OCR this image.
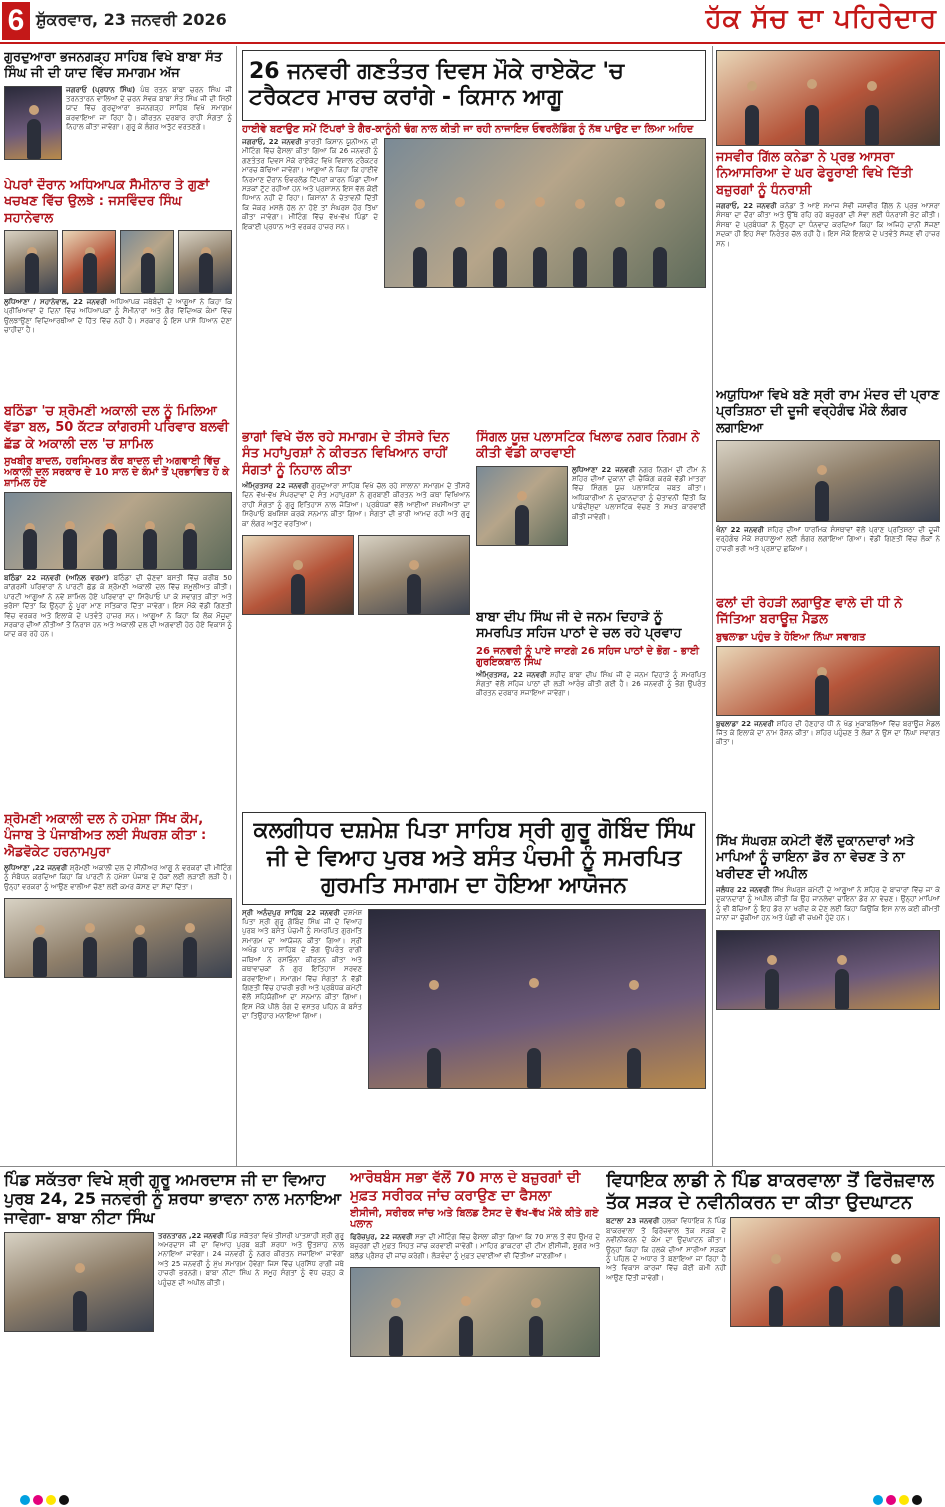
6 ਸ਼ੁੱਕਰਵਾਰ, 23 ਜਨਵਰੀ 2026	ਹੱਕ ਸੱਚ ਦਾ ਪਹਿਰੇਦਾਰ
ਗੁਰਦੁਆਰਾ ਭਜਨਗੜ੍ਹ ਸਾਹਿਬ ਵਿਖੇ ਬਾਬਾ ਸੰਤ ਸਿੰਘ ਜੀ ਦੀ ਯਾਦ ਵਿੱਚ ਸਮਾਗਮ ਅੱਜ

ਜਗਰਾਓਂ (ਪ੍ਰਧਾਨ ਸਿੰਘ) ਪੰਥ ਰਤਨ ਬਾਬਾ ਚਰਨ ਸਿੰਘ ਜੀ ਤਰਨਤਾਰਨ ਵਾਲਿਆਂ ਦੇ ਚਰਨ ਸੇਵਕ ਬਾਬਾ ਸੰਤ ਸਿੰਘ ਜੀ ਦੀ ਮਿੱਠੀ ਯਾਦ ਵਿੱਚ ਗੁਰਦੁਆਰਾ ਭਜਨਗੜ੍ਹ ਸਾਹਿਬ ਵਿਖੇ ਸਮਾਗਮ ਕਰਵਾਇਆ ਜਾ ਰਿਹਾ ਹੈ। ਕੀਰਤਨ ਦਰਬਾਰ ਰਾਹੀਂ ਸੰਗਤਾਂ ਨੂੰ ਨਿਹਾਲ ਕੀਤਾ ਜਾਵੇਗਾ। ਗੁਰੂ ਕੇ ਲੰਗਰ ਅਤੁੱਟ ਵਰਤਣਗੇ।

ਪੇਪਰਾਂ ਦੌਰਾਨ ਅਧਿਆਪਕ ਸੈਮੀਨਾਰ ਤੇ ਗੁਣਾਂ ਖਚਖਣ ਵਿੱਚ ਉਲਝੇ : ਜਸਵਿੰਦਰ ਸਿੰਘ ਸਹਾਨੇਵਾਲ

ਲੁਧਿਆਣਾ / ਸਹਾਨੇਵਾਲ, 22 ਜਨਵਰੀ ਅਧਿਆਪਕ ਜਥੇਬੰਦੀ ਦੇ ਆਗੂਆਂ ਨੇ ਕਿਹਾ ਕਿ ਪ੍ਰੀਖਿਆਵਾਂ ਦੇ ਦਿਨਾਂ ਵਿੱਚ ਅਧਿਆਪਕਾਂ ਨੂੰ ਸੈਮੀਨਾਰਾਂ ਅਤੇ ਗੈਰ ਵਿੱਦਿਅਕ ਕੰਮਾਂ ਵਿੱਚ ਉਲਝਾਉਣਾ ਵਿਦਿਆਰਥੀਆਂ ਦੇ ਹਿੱਤ ਵਿੱਚ ਨਹੀਂ ਹੈ। ਸਰਕਾਰ ਨੂੰ ਇਸ ਪਾਸੇ ਧਿਆਨ ਦੇਣਾ ਚਾਹੀਦਾ ਹੈ।

ਬਠਿੰਡਾ 'ਚ ਸ਼੍ਰੋਮਣੀ ਅਕਾਲੀ ਦਲ ਨੂੰ ਮਿਲਿਆ ਵੱਡਾ ਬਲ, 50 ਕੱਟੜ ਕਾਂਗਰਸੀ ਪਰਿਵਾਰ ਬਲਵੀ ਛੱਡ ਕੇ ਅਕਾਲੀ ਦਲ 'ਚ ਸ਼ਾਮਿਲ
ਸੁਖਬੀਰ ਬਾਦਲ, ਹਰਸਿਮਰਤ ਕੌਰ ਬਾਦਲ ਦੀ ਅਗਵਾਈ ਵਿੱਚ ਅਕਾਲੀ ਦਲ ਸਰਕਾਰ ਦੇ 10 ਸਾਲ ਦੇ ਕੰਮਾਂ ਤੋਂ ਪ੍ਰਭਾਵਿਤ ਹੋ ਕੇ ਸ਼ਾਮਿਲ ਹੋਏ

ਬਠਿੰਡਾ 22 ਜਨਵਰੀ (ਅਨਿਲ ਵਰਮਾ) ਬਠਿੰਡਾ ਦੀ ਚੋਣਵਾਂ ਬਸਤੀ ਵਿੱਚ ਕਰੀਬ 50 ਕਾਂਗਰਸੀ ਪਰਿਵਾਰਾਂ ਨੇ ਪਾਰਟੀ ਛੱਡ ਕੇ ਸ਼੍ਰੋਮਣੀ ਅਕਾਲੀ ਦਲ ਵਿੱਚ ਸ਼ਮੂਲੀਅਤ ਕੀਤੀ। ਪਾਰਟੀ ਆਗੂਆਂ ਨੇ ਨਵੇਂ ਸ਼ਾਮਿਲ ਹੋਏ ਪਰਿਵਾਰਾਂ ਦਾ ਸਿਰੋਪਾਓ ਪਾ ਕੇ ਸਵਾਗਤ ਕੀਤਾ ਅਤੇ ਭਰੋਸਾ ਦਿੱਤਾ ਕਿ ਉਨ੍ਹਾਂ ਨੂੰ ਪੂਰਾ ਮਾਣ ਸਤਿਕਾਰ ਦਿੱਤਾ ਜਾਵੇਗਾ। ਇਸ ਮੌਕੇ ਵੱਡੀ ਗਿਣਤੀ ਵਿੱਚ ਵਰਕਰ ਅਤੇ ਇਲਾਕੇ ਦੇ ਪਤਵੰਤੇ ਹਾਜ਼ਰ ਸਨ। ਆਗੂਆਂ ਨੇ ਕਿਹਾ ਕਿ ਲੋਕ ਮੌਜੂਦਾ ਸਰਕਾਰ ਦੀਆਂ ਨੀਤੀਆਂ ਤੋਂ ਨਿਰਾਸ਼ ਹਨ ਅਤੇ ਅਕਾਲੀ ਦਲ ਦੀ ਅਗਵਾਈ ਹੇਠ ਹੋਏ ਵਿਕਾਸ ਨੂੰ ਯਾਦ ਕਰ ਰਹੇ ਹਨ।

ਸ਼੍ਰੋਮਣੀ ਅਕਾਲੀ ਦਲ ਨੇ ਹਮੇਸ਼ਾ ਸਿੱਖ ਕੌਮ, ਪੰਜਾਬ ਤੇ ਪੰਜਾਬੀਅਤ ਲਈ ਸੰਘਰਸ਼ ਕੀਤਾ : ਐਡਵੋਕੇਟ ਹਰਨਾਮਪੁਰਾ

ਲੁਧਿਆਣਾ ,22 ਜਨਵਰੀ ਸ਼੍ਰੋਮਣੀ ਅਕਾਲੀ ਦਲ ਦੇ ਸੀਨੀਅਰ ਆਗੂ ਨੇ ਵਰਕਰਾਂ ਦੀ ਮੀਟਿੰਗ ਨੂੰ ਸੰਬੋਧਨ ਕਰਦਿਆਂ ਕਿਹਾ ਕਿ ਪਾਰਟੀ ਨੇ ਹਮੇਸ਼ਾ ਪੰਜਾਬ ਦੇ ਹੱਕਾਂ ਲਈ ਲੜਾਈ ਲੜੀ ਹੈ। ਉਨ੍ਹਾਂ ਵਰਕਰਾਂ ਨੂੰ ਆਉਣ ਵਾਲੀਆਂ ਚੋਣਾਂ ਲਈ ਕਮਰ ਕੱਸਣ ਦਾ ਸੱਦਾ ਦਿੱਤਾ।

26 ਜਨਵਰੀ ਗਣਤੰਤਰ ਦਿਵਸ ਮੌਕੇ ਰਾਏਕੋਟ 'ਚ ਟਰੈਕਟਰ ਮਾਰਚ ਕਰਾਂਗੇ - ਕਿਸਾਨ ਆਗੂ
ਹਾਈਵੇ ਬਣਾਉਣ ਸਮੇਂ ਟਿੱਪਰਾਂ ਤੇ ਗੈਰ-ਕਾਨੂੰਨੀ ਢੰਗ ਨਾਲ ਕੀਤੀ ਜਾ ਰਹੀ ਨਾਜਾਇਜ਼ ਓਵਰਲੋਡਿੰਗ ਨੂੰ ਨੱਥ ਪਾਉਣ ਦਾ ਲਿਆ ਅਹਿਦ

ਜਗਰਾਓਂ, 22 ਜਨਵਰੀ ਭਾਰਤੀ ਕਿਸਾਨ ਯੂਨੀਅਨ ਦੀ ਮੀਟਿੰਗ ਵਿੱਚ ਫੈਸਲਾ ਕੀਤਾ ਗਿਆ ਕਿ 26 ਜਨਵਰੀ ਨੂੰ ਗਣਤੰਤਰ ਦਿਵਸ ਮੌਕੇ ਰਾਏਕੋਟ ਵਿਖੇ ਵਿਸ਼ਾਲ ਟਰੈਕਟਰ ਮਾਰਚ ਕੱਢਿਆ ਜਾਵੇਗਾ। ਆਗੂਆਂ ਨੇ ਕਿਹਾ ਕਿ ਹਾਈਵੇ ਨਿਰਮਾਣ ਦੌਰਾਨ ਓਵਰਲੋਡ ਟਿੱਪਰਾਂ ਕਾਰਨ ਪਿੰਡਾਂ ਦੀਆਂ ਸੜਕਾਂ ਟੁੱਟ ਰਹੀਆਂ ਹਨ ਅਤੇ ਪ੍ਰਸ਼ਾਸਨ ਇਸ ਵੱਲ ਕੋਈ ਧਿਆਨ ਨਹੀਂ ਦੇ ਰਿਹਾ। ਕਿਸਾਨਾਂ ਨੇ ਚੇਤਾਵਨੀ ਦਿੱਤੀ ਕਿ ਜੇਕਰ ਮਸਲੇ ਹੱਲ ਨਾ ਹੋਏ ਤਾਂ ਸੰਘਰਸ਼ ਹੋਰ ਤਿੱਖਾ ਕੀਤਾ ਜਾਵੇਗਾ। ਮੀਟਿੰਗ ਵਿੱਚ ਵੱਖ-ਵੱਖ ਪਿੰਡਾਂ ਦੇ ਇਕਾਈ ਪ੍ਰਧਾਨ ਅਤੇ ਵਰਕਰ ਹਾਜ਼ਰ ਸਨ।

ਭਾਗਾਂ ਵਿਖੇ ਚੱਲ ਰਹੇ ਸਮਾਗਮ ਦੇ ਤੀਸਰੇ ਦਿਨ ਸੰਤ ਮਹਾਂਪੁਰਸ਼ਾਂ ਨੇ ਕੀਰਤਨ ਵਿਖਿਆਨ ਰਾਹੀਂ ਸੰਗਤਾਂ ਨੂੰ ਨਿਹਾਲ ਕੀਤਾ

ਅੰਮ੍ਰਿਤਸਰ 22 ਜਨਵਰੀ ਗੁਰਦੁਆਰਾ ਸਾਹਿਬ ਵਿਖੇ ਚੱਲ ਰਹੇ ਸਾਲਾਨਾ ਸਮਾਗਮ ਦੇ ਤੀਸਰੇ ਦਿਨ ਵੱਖ-ਵੱਖ ਸੰਪਰਦਾਵਾਂ ਦੇ ਸੰਤ ਮਹਾਂਪੁਰਸ਼ਾਂ ਨੇ ਗੁਰਬਾਣੀ ਕੀਰਤਨ ਅਤੇ ਕਥਾ ਵਿਖਿਆਨ ਰਾਹੀਂ ਸੰਗਤਾਂ ਨੂੰ ਗੁਰੂ ਇਤਿਹਾਸ ਨਾਲ ਜੋੜਿਆ। ਪ੍ਰਬੰਧਕਾਂ ਵੱਲੋਂ ਆਈਆਂ ਸ਼ਖਸੀਅਤਾਂ ਦਾ ਸਿਰੋਪਾਓ ਬਖਸ਼ਿਸ਼ ਕਰਕੇ ਸਨਮਾਨ ਕੀਤਾ ਗਿਆ। ਸੰਗਤਾਂ ਦੀ ਭਾਰੀ ਆਮਦ ਰਹੀ ਅਤੇ ਗੁਰੂ ਕਾ ਲੰਗਰ ਅਤੁੱਟ ਵਰਤਿਆ।

ਸਿੰਗਲ ਯੂਜ਼ ਪਲਾਸਟਿਕ ਖਿਲਾਫ ਨਗਰ ਨਿਗਮ ਨੇ ਕੀਤੀ ਵੱਡੀ ਕਾਰਵਾਈ

ਲੁਧਿਆਣਾ 22 ਜਨਵਰੀ ਨਗਰ ਨਿਗਮ ਦੀ ਟੀਮ ਨੇ ਸ਼ਹਿਰ ਦੀਆਂ ਦੁਕਾਨਾਂ ਦੀ ਚੈਕਿੰਗ ਕਰਕੇ ਵੱਡੀ ਮਾਤਰਾ ਵਿੱਚ ਸਿੰਗਲ ਯੂਜ਼ ਪਲਾਸਟਿਕ ਜ਼ਬਤ ਕੀਤਾ। ਅਧਿਕਾਰੀਆਂ ਨੇ ਦੁਕਾਨਦਾਰਾਂ ਨੂੰ ਚੇਤਾਵਨੀ ਦਿੱਤੀ ਕਿ ਪਾਬੰਦੀਸ਼ੁਦਾ ਪਲਾਸਟਿਕ ਵੇਚਣ ਤੇ ਸਖ਼ਤ ਕਾਰਵਾਈ ਕੀਤੀ ਜਾਵੇਗੀ।

ਬਾਬਾ ਦੀਪ ਸਿੰਘ ਜੀ ਦੇ ਜਨਮ ਦਿਹਾੜੇ ਨੂੰ ਸਮਰਪਿਤ ਸਹਿਜ ਪਾਠਾਂ ਦੇ ਚਲ ਰਹੇ ਪ੍ਰਵਾਹ
26 ਜਨਵਰੀ ਨੂੰ ਪਾਏ ਜਾਣਗੇ 26 ਸਹਿਜ ਪਾਠਾਂ ਦੇ ਭੋਗ - ਭਾਈ ਗੁਰਇਕਬਾਲ ਸਿੰਘ

ਅੰਮ੍ਰਿਤਸਰ, 22 ਜਨਵਰੀ ਸ਼ਹੀਦ ਬਾਬਾ ਦੀਪ ਸਿੰਘ ਜੀ ਦੇ ਜਨਮ ਦਿਹਾੜੇ ਨੂੰ ਸਮਰਪਿਤ ਸੰਗਤਾਂ ਵੱਲੋਂ ਸਹਿਜ ਪਾਠਾਂ ਦੀ ਲੜੀ ਆਰੰਭ ਕੀਤੀ ਗਈ ਹੈ। 26 ਜਨਵਰੀ ਨੂੰ ਭੋਗ ਉਪਰੰਤ ਕੀਰਤਨ ਦਰਬਾਰ ਸਜਾਇਆ ਜਾਵੇਗਾ।

ਕਲਗੀਧਰ ਦਸ਼ਮੇਸ਼ ਪਿਤਾ ਸਾਹਿਬ ਸ੍ਰੀ ਗੁਰੂ ਗੋਬਿੰਦ ਸਿੰਘ ਜੀ ਦੇ ਵਿਆਹ ਪੁਰਬ ਅਤੇ ਬਸੰਤ ਪੰਚਮੀ ਨੂੰ ਸਮਰਪਿਤ ਗੁਰਮਤਿ ਸਮਾਗਮ ਦਾ ਹੋਇਆ ਆਯੋਜਨ

ਸ੍ਰੀ ਅਨੰਦਪੁਰ ਸਾਹਿਬ 22 ਜਨਵਰੀ ਦਸ਼ਮੇਸ਼ ਪਿਤਾ ਸ੍ਰੀ ਗੁਰੂ ਗੋਬਿੰਦ ਸਿੰਘ ਜੀ ਦੇ ਵਿਆਹ ਪੁਰਬ ਅਤੇ ਬਸੰਤ ਪੰਚਮੀ ਨੂੰ ਸਮਰਪਿਤ ਗੁਰਮਤਿ ਸਮਾਗਮ ਦਾ ਆਯੋਜਨ ਕੀਤਾ ਗਿਆ। ਸ੍ਰੀ ਅਖੰਡ ਪਾਠ ਸਾਹਿਬ ਦੇ ਭੋਗ ਉਪਰੰਤ ਰਾਗੀ ਜਥਿਆਂ ਨੇ ਰਸਭਿੰਨਾ ਕੀਰਤਨ ਕੀਤਾ ਅਤੇ ਕਥਾਵਾਚਕਾਂ ਨੇ ਗੁਰ ਇਤਿਹਾਸ ਸਰਵਣ ਕਰਵਾਇਆ। ਸਮਾਗਮ ਵਿੱਚ ਸੰਗਤਾਂ ਨੇ ਵੱਡੀ ਗਿਣਤੀ ਵਿੱਚ ਹਾਜ਼ਰੀ ਭਰੀ ਅਤੇ ਪ੍ਰਬੰਧਕ ਕਮੇਟੀ ਵੱਲੋਂ ਸਹਿਯੋਗੀਆਂ ਦਾ ਸਨਮਾਨ ਕੀਤਾ ਗਿਆ। ਇਸ ਮੌਕੇ ਪੀਲੇ ਰੰਗ ਦੇ ਵਸਤਰ ਪਹਿਨ ਕੇ ਬਸੰਤ ਦਾ ਤਿਉਹਾਰ ਮਨਾਇਆ ਗਿਆ।

ਜਸਵੀਰ ਗਿੱਲ ਕਨੇਡਾ ਨੇ ਪ੍ਰਭ ਆਸਰਾ ਨਿਆਸਰਿਆ ਦੇ ਘਰ ਫੇਰੂਰਾਈ ਵਿਖੇ ਦਿੱਤੀ ਬਜ਼ੁਰਗਾਂ ਨੂੰ ਧੰਨਰਾਸ਼ੀ

ਜਗਰਾਓਂ, 22 ਜਨਵਰੀ ਕਨੇਡਾ ਤੋਂ ਆਏ ਸਮਾਜ ਸੇਵੀ ਜਸਵੀਰ ਗਿੱਲ ਨੇ ਪ੍ਰਭ ਆਸਰਾ ਸੰਸਥਾ ਦਾ ਦੌਰਾ ਕੀਤਾ ਅਤੇ ਉੱਥੇ ਰਹਿ ਰਹੇ ਬਜ਼ੁਰਗਾਂ ਦੀ ਸੇਵਾ ਲਈ ਧੰਨਰਾਸ਼ੀ ਭੇਟ ਕੀਤੀ। ਸੰਸਥਾ ਦੇ ਪ੍ਰਬੰਧਕਾਂ ਨੇ ਉਨ੍ਹਾਂ ਦਾ ਧੰਨਵਾਦ ਕਰਦਿਆਂ ਕਿਹਾ ਕਿ ਅਜਿਹੇ ਦਾਨੀ ਸੱਜਣਾਂ ਸਦਕਾ ਹੀ ਇਹ ਸੇਵਾ ਨਿਰੰਤਰ ਚੱਲ ਰਹੀ ਹੈ। ਇਸ ਮੌਕੇ ਇਲਾਕੇ ਦੇ ਪਤਵੰਤੇ ਸੱਜਣ ਵੀ ਹਾਜ਼ਰ ਸਨ।

ਅਯੁਧਿਆ ਵਿਖੇ ਬਣੇ ਸ੍ਰੀ ਰਾਮ ਮੰਦਰ ਦੀ ਪ੍ਰਾਣ ਪ੍ਰਤਿਸ਼ਠਾ ਦੀ ਦੂਜੀ ਵਰ੍ਹੇਗੰਢ ਮੌਕੇ ਲੰਗਰ ਲਗਾਇਆ

ਖੰਨਾ 22 ਜਨਵਰੀ ਸ਼ਹਿਰ ਦੀਆਂ ਧਾਰਮਿਕ ਸੰਸਥਾਵਾਂ ਵੱਲੋਂ ਪ੍ਰਾਣ ਪ੍ਰਤਿਸ਼ਠਾ ਦੀ ਦੂਜੀ ਵਰ੍ਹੇਗੰਢ ਮੌਕੇ ਸ਼ਰਧਾਲੂਆਂ ਲਈ ਲੰਗਰ ਲਗਾਇਆ ਗਿਆ। ਵੱਡੀ ਗਿਣਤੀ ਵਿੱਚ ਲੋਕਾਂ ਨੇ ਹਾਜ਼ਰੀ ਭਰੀ ਅਤੇ ਪ੍ਰਸ਼ਾਦ ਛਕਿਆ।

ਫਲਾਂ ਦੀ ਰੇਹੜੀ ਲਗਾਉਣ ਵਾਲੇ ਦੀ ਧੀ ਨੇ ਜਿੱਤਿਆ ਬਰਾਊਜ਼ ਮੈਡਲ
ਬੁਢਲਾਡਾ ਪਹੁੰਚ ਤੇ ਹੋਇਆ ਨਿੱਘਾ ਸਵਾਗਤ

ਬੁਢਲਾਡਾ 22 ਜਨਵਰੀ ਸ਼ਹਿਰ ਦੀ ਹੋਣਹਾਰ ਧੀ ਨੇ ਖੇਡ ਮੁਕਾਬਲਿਆਂ ਵਿੱਚ ਬਰਾਊਜ਼ ਮੈਡਲ ਜਿੱਤ ਕੇ ਇਲਾਕੇ ਦਾ ਨਾਮ ਰੌਸ਼ਨ ਕੀਤਾ। ਸ਼ਹਿਰ ਪਹੁੰਚਣ ਤੇ ਲੋਕਾਂ ਨੇ ਉਸ ਦਾ ਨਿੱਘਾ ਸਵਾਗਤ ਕੀਤਾ।

ਸਿੱਖ ਸੰਘਰਸ਼ ਕਮੇਟੀ ਵੱਲੋਂ ਦੁਕਾਨਦਾਰਾਂ ਅਤੇ ਮਾਪਿਆਂ ਨੂੰ ਚਾਇਨਾ ਡੋਰ ਨਾ ਵੇਚਣ ਤੇ ਨਾ ਖਰੀਦਣ ਦੀ ਅਪੀਲ

ਜਲੰਧਰ 22 ਜਨਵਰੀ ਸਿੱਖ ਸੰਘਰਸ਼ ਕਮੇਟੀ ਦੇ ਆਗੂਆਂ ਨੇ ਸ਼ਹਿਰ ਦੇ ਬਾਜ਼ਾਰਾਂ ਵਿੱਚ ਜਾ ਕੇ ਦੁਕਾਨਦਾਰਾਂ ਨੂੰ ਅਪੀਲ ਕੀਤੀ ਕਿ ਉਹ ਜਾਨਲੇਵਾ ਚਾਇਨਾ ਡੋਰ ਨਾ ਵੇਚਣ। ਉਨ੍ਹਾਂ ਮਾਪਿਆਂ ਨੂੰ ਵੀ ਬੱਚਿਆਂ ਨੂੰ ਇਹ ਡੋਰ ਨਾ ਖਰੀਦ ਕੇ ਦੇਣ ਲਈ ਕਿਹਾ ਕਿਉਂਕਿ ਇਸ ਨਾਲ ਕਈ ਕੀਮਤੀ ਜਾਨਾਂ ਜਾ ਚੁੱਕੀਆਂ ਹਨ ਅਤੇ ਪੰਛੀ ਵੀ ਜ਼ਖਮੀ ਹੁੰਦੇ ਹਨ।

ਪਿੰਡ ਸਕੱਤਰਾ ਵਿਖੇ ਸ਼੍ਰੀ ਗੁਰੂ ਅਮਰਦਾਸ ਜੀ ਦਾ ਵਿਆਹ ਪੁਰਬ 24, 25 ਜਨਵਰੀ ਨੂੰ ਸ਼ਰਧਾ ਭਾਵਨਾ ਨਾਲ ਮਨਾਇਆ ਜਾਵੇਗਾ- ਬਾਬਾ ਨੀਟਾ ਸਿੰਘ

ਤਰਨਤਾਰਨ ,22 ਜਨਵਰੀ ਪਿੰਡ ਸਕੱਤਰਾ ਵਿਖੇ ਤੀਸਰੀ ਪਾਤਸ਼ਾਹੀ ਸ਼੍ਰੀ ਗੁਰੂ ਅਮਰਦਾਸ ਜੀ ਦਾ ਵਿਆਹ ਪੁਰਬ ਬੜੀ ਸ਼ਰਧਾ ਅਤੇ ਉਤਸ਼ਾਹ ਨਾਲ ਮਨਾਇਆ ਜਾਵੇਗਾ। 24 ਜਨਵਰੀ ਨੂੰ ਨਗਰ ਕੀਰਤਨ ਸਜਾਇਆ ਜਾਵੇਗਾ ਅਤੇ 25 ਜਨਵਰੀ ਨੂੰ ਮੁੱਖ ਸਮਾਗਮ ਹੋਵੇਗਾ ਜਿਸ ਵਿੱਚ ਪ੍ਰਸਿੱਧ ਰਾਗੀ ਜਥੇ ਹਾਜ਼ਰੀ ਭਰਨਗੇ। ਬਾਬਾ ਨੀਟਾ ਸਿੰਘ ਨੇ ਸਮੂਹ ਸੰਗਤਾਂ ਨੂੰ ਵੱਧ ਚੜ੍ਹ ਕੇ ਪਹੁੰਚਣ ਦੀ ਅਪੀਲ ਕੀਤੀ।

ਆਰੋਥਬੰਸ ਸਭਾ ਵੱਲੋਂ 70 ਸਾਲ ਦੇ ਬਜ਼ੁਰਗਾਂ ਦੀ ਮੁਫ਼ਤ ਸਰੀਰਕ ਜਾਂਚ ਕਰਾਉਣ ਦਾ ਫੈਸਲਾ
ਈਸੀਜੀ, ਸਰੀਰਕ ਜਾਂਚ ਅਤੇ ਬਿਲਡ ਟੈਸਟ ਦੇ ਵੱਖ-ਵੱਖ ਮੌਕੇ ਕੀਤੇ ਗਏ ਪਲਾਨ

ਫਿਰੋਜ਼ਪੁਰ, 22 ਜਨਵਰੀ ਸਭਾ ਦੀ ਮੀਟਿੰਗ ਵਿੱਚ ਫੈਸਲਾ ਕੀਤਾ ਗਿਆ ਕਿ 70 ਸਾਲ ਤੋਂ ਵੱਧ ਉਮਰ ਦੇ ਬਜ਼ੁਰਗਾਂ ਦੀ ਮੁਫ਼ਤ ਸਿਹਤ ਜਾਂਚ ਕਰਵਾਈ ਜਾਵੇਗੀ। ਮਾਹਿਰ ਡਾਕਟਰਾਂ ਦੀ ਟੀਮ ਈਸੀਜੀ, ਸ਼ੂਗਰ ਅਤੇ ਬਲੱਡ ਪ੍ਰੈਸ਼ਰ ਦੀ ਜਾਂਚ ਕਰੇਗੀ। ਲੋੜਵੰਦਾਂ ਨੂੰ ਮੁਫ਼ਤ ਦਵਾਈਆਂ ਵੀ ਦਿੱਤੀਆਂ ਜਾਣਗੀਆਂ।

ਵਿਧਾਇਕ ਲਾਡੀ ਨੇ ਪਿੰਡ ਬਾਕਰਵਾਲਾ ਤੋਂ ਫਿਰੋਜ਼ਵਾਲ ਤੱਕ ਸੜਕ ਦੇ ਨਵੀਨੀਕਰਨ ਦਾ ਕੀਤਾ ਉਦਘਾਟਨ

ਬਟਾਲਾ 23 ਜਨਵਰੀ ਹਲਕਾ ਵਿਧਾਇਕ ਨੇ ਪਿੰਡ ਬਾਕਰਵਾਲਾ ਤੋਂ ਫਿਰੋਜ਼ਵਾਲ ਤੱਕ ਸੜਕ ਦੇ ਨਵੀਨੀਕਰਨ ਦੇ ਕੰਮ ਦਾ ਉਦਘਾਟਨ ਕੀਤਾ। ਉਨ੍ਹਾਂ ਕਿਹਾ ਕਿ ਹਲਕੇ ਦੀਆਂ ਸਾਰੀਆਂ ਸੜਕਾਂ ਨੂੰ ਪਹਿਲ ਦੇ ਅਧਾਰ ਤੇ ਬਣਾਇਆ ਜਾ ਰਿਹਾ ਹੈ ਅਤੇ ਵਿਕਾਸ ਕਾਰਜਾਂ ਵਿੱਚ ਕੋਈ ਕਮੀ ਨਹੀਂ ਆਉਣ ਦਿੱਤੀ ਜਾਵੇਗੀ।
